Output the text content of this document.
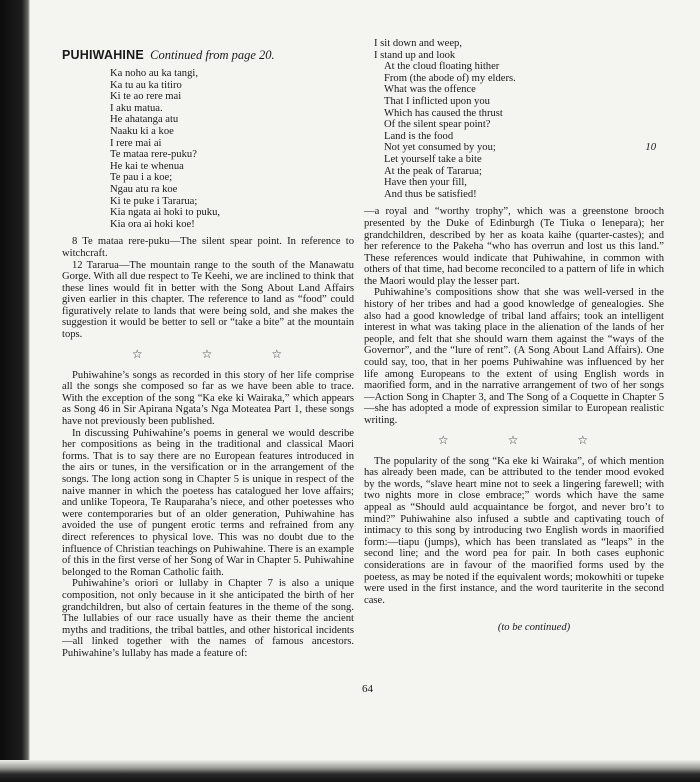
PUHIWAHINE Continued from page 20.
Ka noho au ka tangi,
Ka tu au ka titiro
Ki te ao rere mai
I aku matua.
He ahatanga atu
Naaku ki a koe
I rere mai ai
Te mataa rere-puku?
He kai te whenua
Te pau i a koe;
Ngau atu ra koe
Ki te puke i Tararua;
Kia ngata ai hoki to puku,
Kia ora ai hoki koe!

8 Te mataa rere-puku—The silent spear point. In reference to witchcraft.

12 Tararua—The mountain range to the south of the Manawatu Gorge. With all due respect to Te Keehi, we are inclined to think that these lines would fit in better with the Song About Land Affairs given earlier in this chapter. The reference to land as “food” could figuratively relate to lands that were being sold, and she makes the suggestion it would be better to sell or “take a bite” at the mountain tops.

☆ ☆ ☆

Puhiwahine’s songs as recorded in this story of her life comprise all the songs she composed so far as we have been able to trace. With the exception of the song “Ka eke ki Wairaka,” which appears as Song 46 in Sir Apirana Ngata’s Nga Moteatea Part 1, these songs have not previously been published.

In discussing Puhiwahine’s poems in general we would describe her compositions as being in the traditional and classical Maori forms. That is to say there are no European features introduced in the airs or tunes, in the versification or in the arrangement of the songs. The long action song in Chapter 5 is unique in respect of the naive manner in which the poetess has catalogued her love affairs; and unlike Topeora, Te Rauparaha’s niece, and other poetesses who were contemporaries but of an older generation, Puhiwahine has avoided the use of pungent erotic terms and refrained from any direct references to physical love. This was no doubt due to the influence of Christian teachings on Puhiwahine. There is an example of this in the first verse of her Song of War in Chapter 5. Puhiwahine belonged to the Roman Catholic faith.

Puhiwahine’s oriori or lullaby in Chapter 7 is also a unique composition, not only because in it she anticipated the birth of her grandchildren, but also of certain features in the theme of the song. The lullabies of our race usually have as their theme the ancient myths and traditions, the tribal battles, and other historical incidents—all linked together with the names of famous ancestors. Puhiwahine’s lullaby has made a feature of:

I sit down and weep,
I stand up and look
At the cloud floating hither
From (the abode of) my elders.
What was the offence
That I inflicted upon you
Which has caused the thrust
Of the silent spear point?
Land is the food
Not yet consumed by you;	10
Let yourself take a bite
At the peak of Tararua;
Have then your fill,
And thus be satisfied!

—a royal and “worthy trophy”, which was a greenstone brooch presented by the Duke of Edinburgh (Te Tiuka o Ienepara); her grandchildren, described by her as koata kaihe (quarter-castes); and her reference to the Pakeha “who has overrun and lost us this land.” These references would indicate that Puhiwahine, in common with others of that time, had become reconciled to a pattern of life in which the Maori would play the lesser part.

Puhiwahine’s compositions show that she was well-versed in the history of her tribes and had a good knowledge of genealogies. She also had a good knowledge of tribal land affairs; took an intelligent interest in what was taking place in the alienation of the lands of her people, and felt that she should warn them against the “ways of the Governor”, and the “lure of rent”. (A Song About Land Affairs). One could say, too, that in her poems Puhiwahine was influenced by her life among Europeans to the extent of using English words in maorified form, and in the narrative arrangement of two of her songs—Action Song in Chapter 3, and The Song of a Coquette in Chapter 5—she has adopted a mode of expression similar to European realistic writing.

☆ ☆ ☆

The popularity of the song “Ka eke ki Wairaka”, of which mention has already been made, can be attributed to the tender mood evoked by the words, “slave heart mine not to seek a lingering farewell; with two nights more in close embrace;” words which have the same appeal as “Should auld acquaintance be forgot, and never bro’t to mind?” Puhiwahine also infused a subtle and captivating touch of intimacy to this song by introducing two English words in maorified form:—tiapu (jumps), which has been translated as “leaps” in the second line; and the word pea for pair. In both cases euphonic considerations are in favour of the maorified forms used by the poetess, as may be noted if the equivalent words; mokowhiti or tupeke were used in the first instance, and the word tauriterite in the second case.

(to be continued)
64
